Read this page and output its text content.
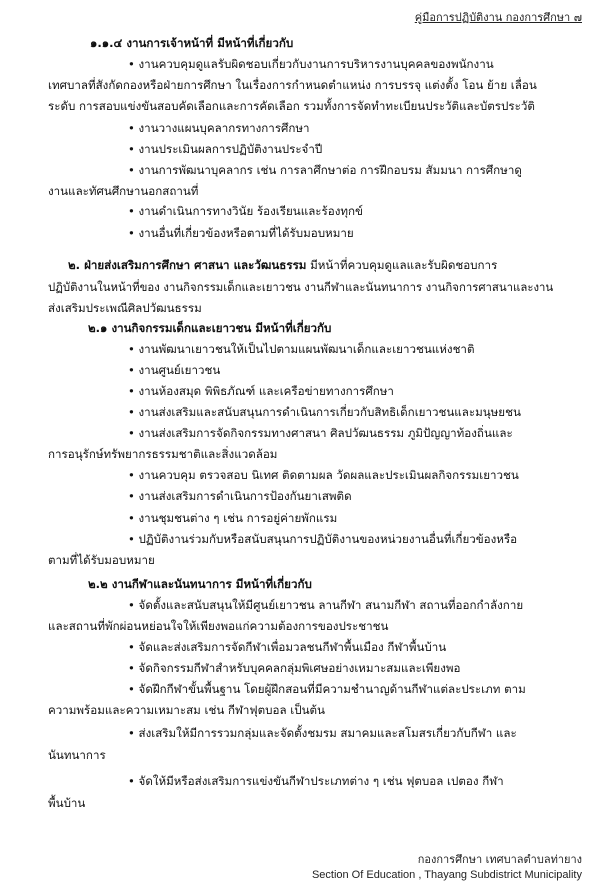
คู่มือการปฏิบัติงาน กองการศึกษา ๗
๑.๑.๔ งานการเจ้าหน้าที่ มีหน้าที่เกี่ยวกับ
• งานควบคุมดูแลรับผิดชอบเกี่ยวกับงานการบริหารงานบุคคลของพนักงาน
เทศบาลที่สังกัดกองหรือฝ่ายการศึกษา ในเรื่องการกำหนดตำแหน่ง การบรรจุ แต่งตั้ง โอน ย้าย เลื่อน
ระดับ การสอบแข่งขันสอบคัดเลือกและการคัดเลือก รวมทั้งการจัดทำทะเบียนประวัติและบัตรประวัติ
• งานวางแผนบุคลากรทางการศึกษา
• งานประเมินผลการปฏิบัติงานประจำปี
• งานการพัฒนาบุคลากร เช่น การลาศึกษาต่อ การฝึกอบรม สัมมนา การศึกษาดู
งานและทัศนศึกษานอกสถานที่
• งานดำเนินการทางวินัย ร้องเรียนและร้องทุกข์
• งานอื่นที่เกี่ยวข้องหรือตามที่ได้รับมอบหมาย
๒. ฝ่ายส่งเสริมการศึกษา ศาสนา และวัฒนธรรม มีหน้าที่ควบคุมดูแลและรับผิดชอบการ
ปฏิบัติงานในหน้าที่ของ งานกิจกรรมเด็กและเยาวชน งานกีฬาและนันทนาการ งานกิจการศาสนาและงาน
ส่งเสริมประเพณีศิลปวัฒนธรรม
๒.๑ งานกิจกรรมเด็กและเยาวชน มีหน้าที่เกี่ยวกับ
• งานพัฒนาเยาวชนให้เป็นไปตามแผนพัฒนาเด็กและเยาวชนแห่งชาติ
• งานศูนย์เยาวชน
• งานห้องสมุด พิพิธภัณฑ์ และเครือข่ายทางการศึกษา
• งานส่งเสริมและสนับสนุนการดำเนินการเกี่ยวกับสิทธิเด็กเยาวชนและมนุษยชน
• งานส่งเสริมการจัดกิจกรรมทางศาสนา ศิลปวัฒนธรรม ภูมิปัญญาท้องถิ่นและ
การอนุรักษ์ทรัพยากรธรรมชาติและสิ่งแวดล้อม
• งานควบคุม ตรวจสอบ นิเทศ ติดตามผล วัดผลและประเมินผลกิจกรรมเยาวชน
• งานส่งเสริมการดำเนินการป้องกันยาเสพติด
• งานชุมชนต่าง ๆ เช่น การอยู่ค่ายพักแรม
• ปฏิบัติงานร่วมกับหรือสนับสนุนการปฏิบัติงานของหน่วยงานอื่นที่เกี่ยวข้องหรือ
ตามที่ได้รับมอบหมาย
๒.๒ งานกีฬาและนันทนาการ มีหน้าที่เกี่ยวกับ
• จัดตั้งและสนับสนุนให้มีศูนย์เยาวชน ลานกีฬา สนามกีฬา สถานที่ออกกำลังกาย
และสถานที่พักผ่อนหย่อนใจให้เพียงพอแก่ความต้องการของประชาชน
• จัดและส่งเสริมการจัดกีฬาเพื่อมวลชนกีฬาพื้นเมือง กีฬาพื้นบ้าน
• จัดกิจกรรมกีฬาสำหรับบุคคลกลุ่มพิเศษอย่างเหมาะสมและเพียงพอ
• จัดฝึกกีฬาขั้นพื้นฐาน โดยผู้ฝึกสอนที่มีความชำนาญด้านกีฬาแต่ละประเภท ตาม
ความพร้อมและความเหมาะสม เช่น กีฬาฟุตบอล เป็นต้น
• ส่งเสริมให้มีการรวมกลุ่มและจัดตั้งชมรม สมาคมและสโมสรเกี่ยวกับกีฬา และ
นันทนาการ
• จัดให้มีหรือส่งเสริมการแข่งขันกีฬาประเภทต่าง ๆ เช่น ฟุตบอล เปตอง กีฬา
พื้นบ้าน
กองการศึกษา เทศบาลตำบลท่ายาง
Section Of Education , Thayang Subdistrict Municipality
